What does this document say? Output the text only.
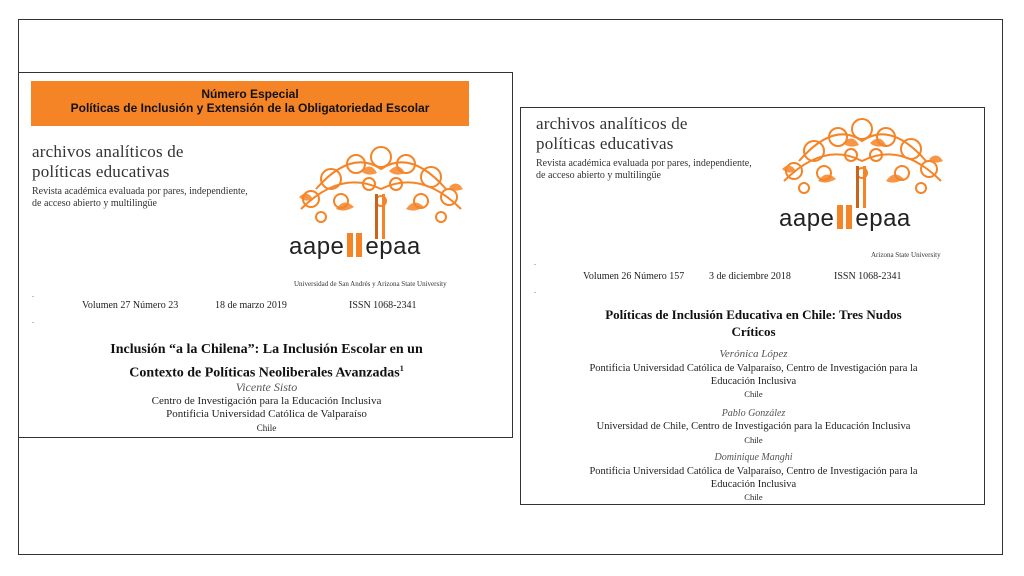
Número Especial
Políticas de Inclusión y Extensión de la Obligatoriedad Escolar
archivos analíticos de
políticas educativas
Revista académica evaluada por pares, independiente,
de acceso abierto y multilingüe
aape epaa
Universidad de San Andrés y Arizona State University
.
Volumen 27 Número 23	18 de marzo 2019	ISSN 1068-2341
.
Inclusión “a la Chilena”: La Inclusión Escolar en un
Contexto de Políticas Neoliberales Avanzadas$^1$
Vicente Sisto
Centro de Investigación para la Educación Inclusiva
Pontificia Universidad Católica de Valparaíso
Chile
archivos analíticos de
políticas educativas
Revista académica evaluada por pares, independiente,
de acceso abierto y multilingüe
aape epaa
Arizona State University
.
Volumen 26 Número 157 3 de diciembre 2018	ISSN 1068-2341
.
Políticas de Inclusión Educativa en Chile: Tres Nudos
Críticos
Verónica López
Pontificia Universidad Católica de Valparaíso, Centro de Investigación para la
Educación Inclusiva
Chile
Pablo González
Universidad de Chile, Centro de Investigación para la Educación Inclusiva
Chile
Dominique Manghi
Pontificia Universidad Católica de Valparaíso, Centro de Investigación para la
Educación Inclusiva
Chile
